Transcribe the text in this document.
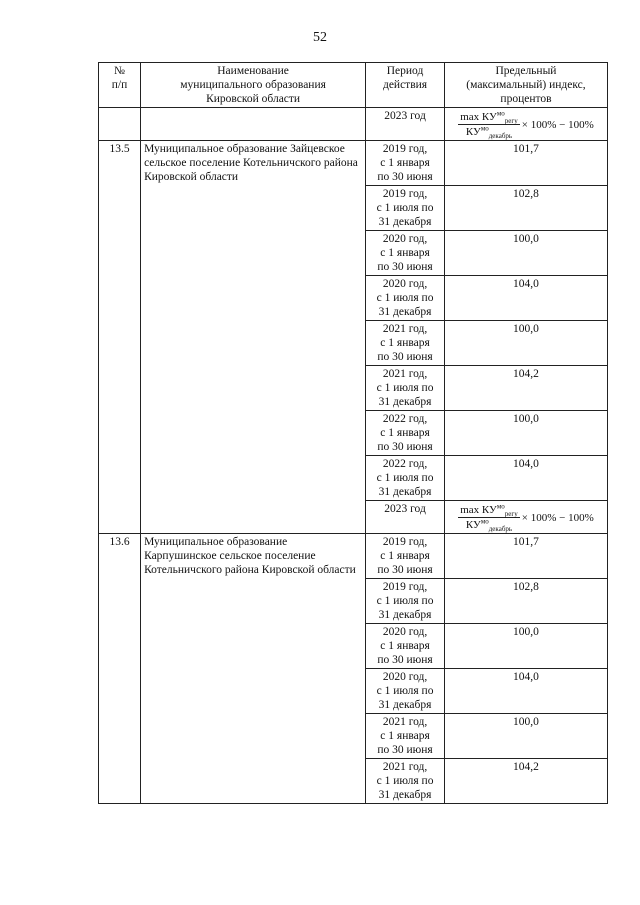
52
№
п/п	Наименование
муниципального образования
Кировской области	Период
действия	Предельный
(максимальный) индекс,
процентов
		2023 год	$\frac{\max КУ^{мо}_{регу}}{КУ^{мо}_{декабрь}} \times 100\% - 100\%$

13.5	Муниципальное образование Зайцевское сельское поселение Котельничского района Кировской области	2019 год,
с 1 января
по 30 июня	101,7
		2019 год,
с 1 июля по
31 декабря	102,8
		2020 год,
с 1 января
по 30 июня	100,0
		2020 год,
с 1 июля по
31 декабря	104,0
		2021 год,
с 1 января
по 30 июня	100,0
		2021 год,
с 1 июля по
31 декабря	104,2
		2022 год,
с 1 января
по 30 июня	100,0
		2022 год,
с 1 июля по
31 декабря	104,0
		2023 год	$\frac{\max КУ^{мо}_{регу}}{КУ^{мо}_{декабрь}} \times 100\% - 100\%$

13.6	Муниципальное образование Карпушинское сельское поселение Котельничского района Кировской области	2019 год,
с 1 января
по 30 июня	101,7
		2019 год,
с 1 июля по
31 декабря	102,8
		2020 год,
с 1 января
по 30 июня	100,0
		2020 год,
с 1 июля по
31 декабря	104,0
		2021 год,
с 1 января
по 30 июня	100,0
		2021 год,
с 1 июля по
31 декабря	104,2
